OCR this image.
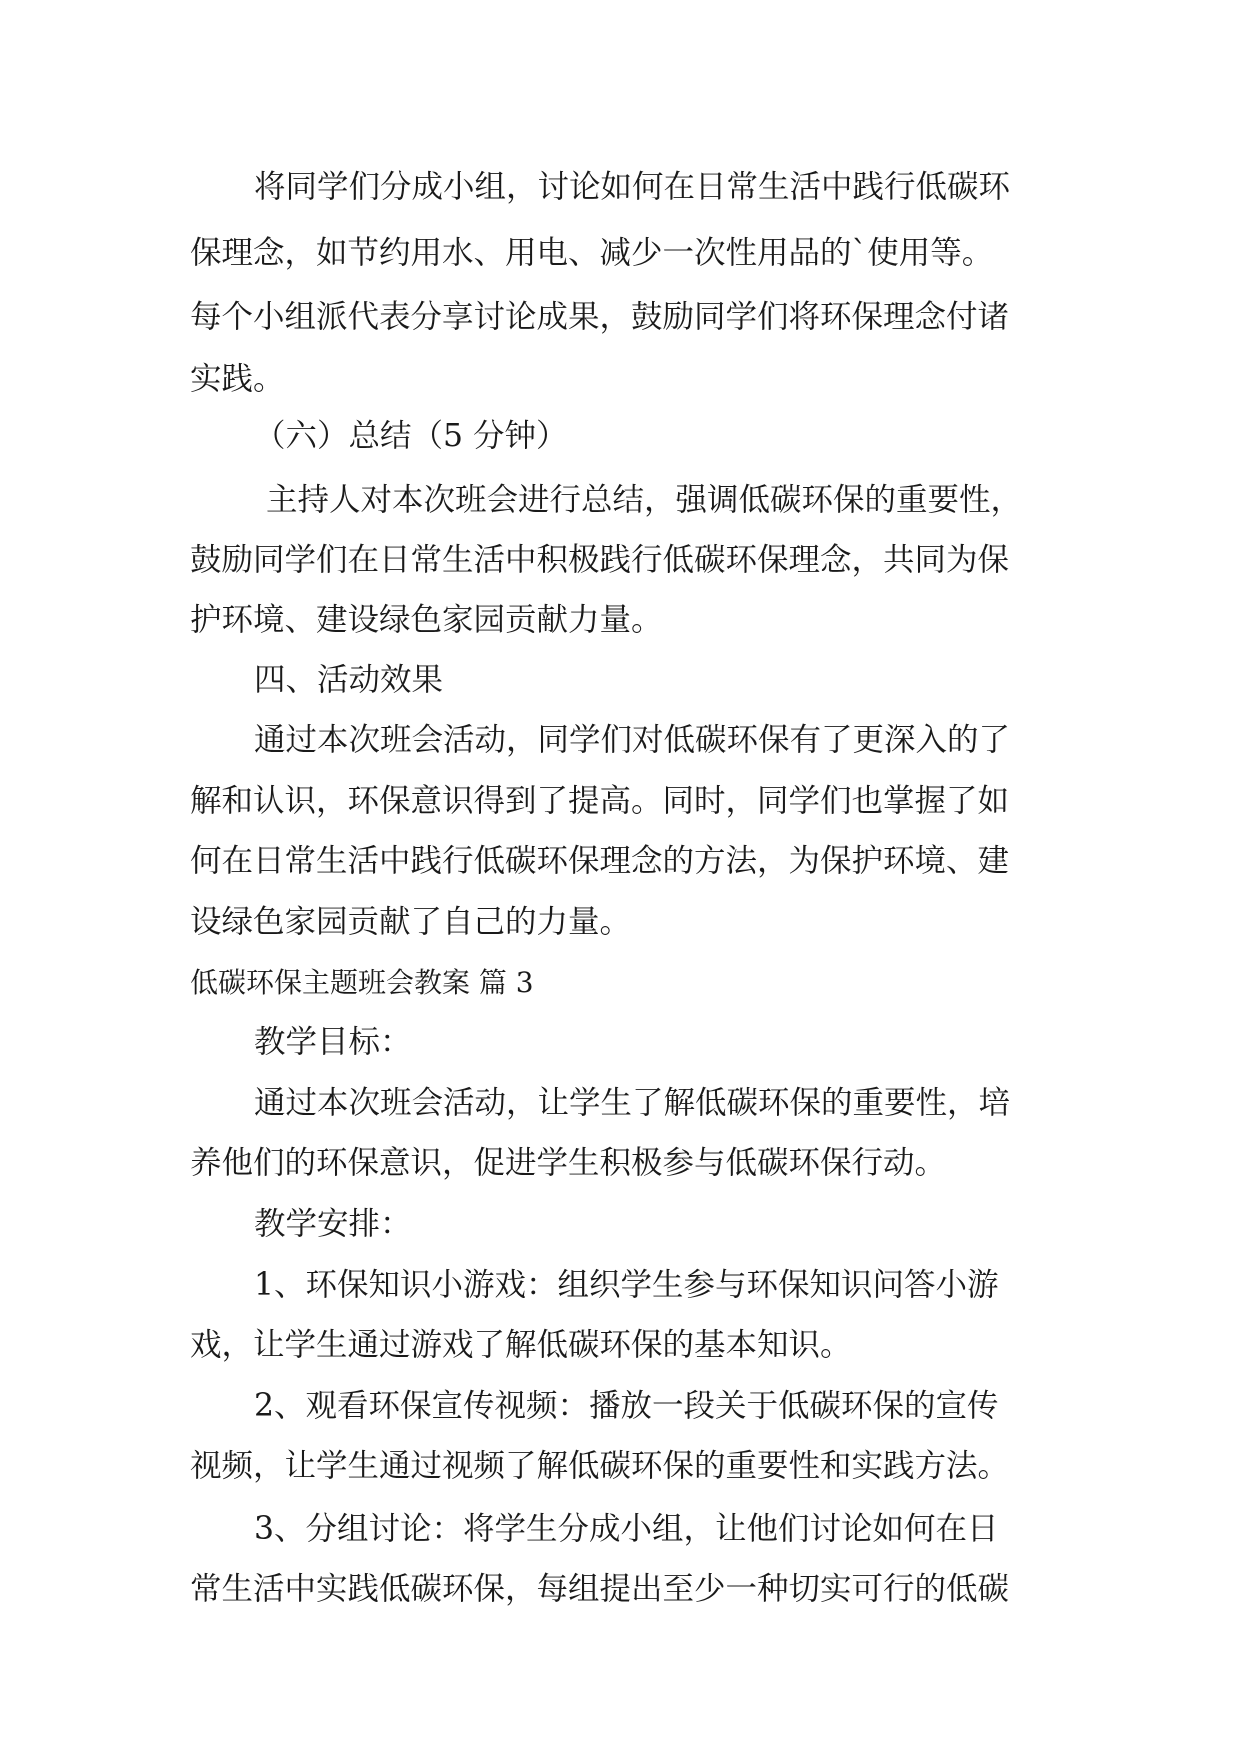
将同学们分成小组，讨论如何在日常生活中践行低碳环

保理念，如节约用水、用电、减少一次性用品的`使用等。

每个小组派代表分享讨论成果，鼓励同学们将环保理念付诸

实践。

（六）总结（5 分钟）

主持人对本次班会进行总结，强调低碳环保的重要性，

鼓励同学们在日常生活中积极践行低碳环保理念，共同为保

护环境、建设绿色家园贡献力量。

四、活动效果

通过本次班会活动，同学们对低碳环保有了更深入的了

解和认识，环保意识得到了提高。同时，同学们也掌握了如

何在日常生活中践行低碳环保理念的方法，为保护环境、建

设绿色家园贡献了自己的力量。

低碳环保主题班会教案 篇 3

教学目标：

通过本次班会活动，让学生了解低碳环保的重要性，培

养他们的环保意识，促进学生积极参与低碳环保行动。

教学安排：

1、环保知识小游戏：组织学生参与环保知识问答小游

戏，让学生通过游戏了解低碳环保的基本知识。

2、观看环保宣传视频：播放一段关于低碳环保的宣传

视频，让学生通过视频了解低碳环保的重要性和实践方法。

3、分组讨论：将学生分成小组，让他们讨论如何在日

常生活中实践低碳环保，每组提出至少一种切实可行的低碳
